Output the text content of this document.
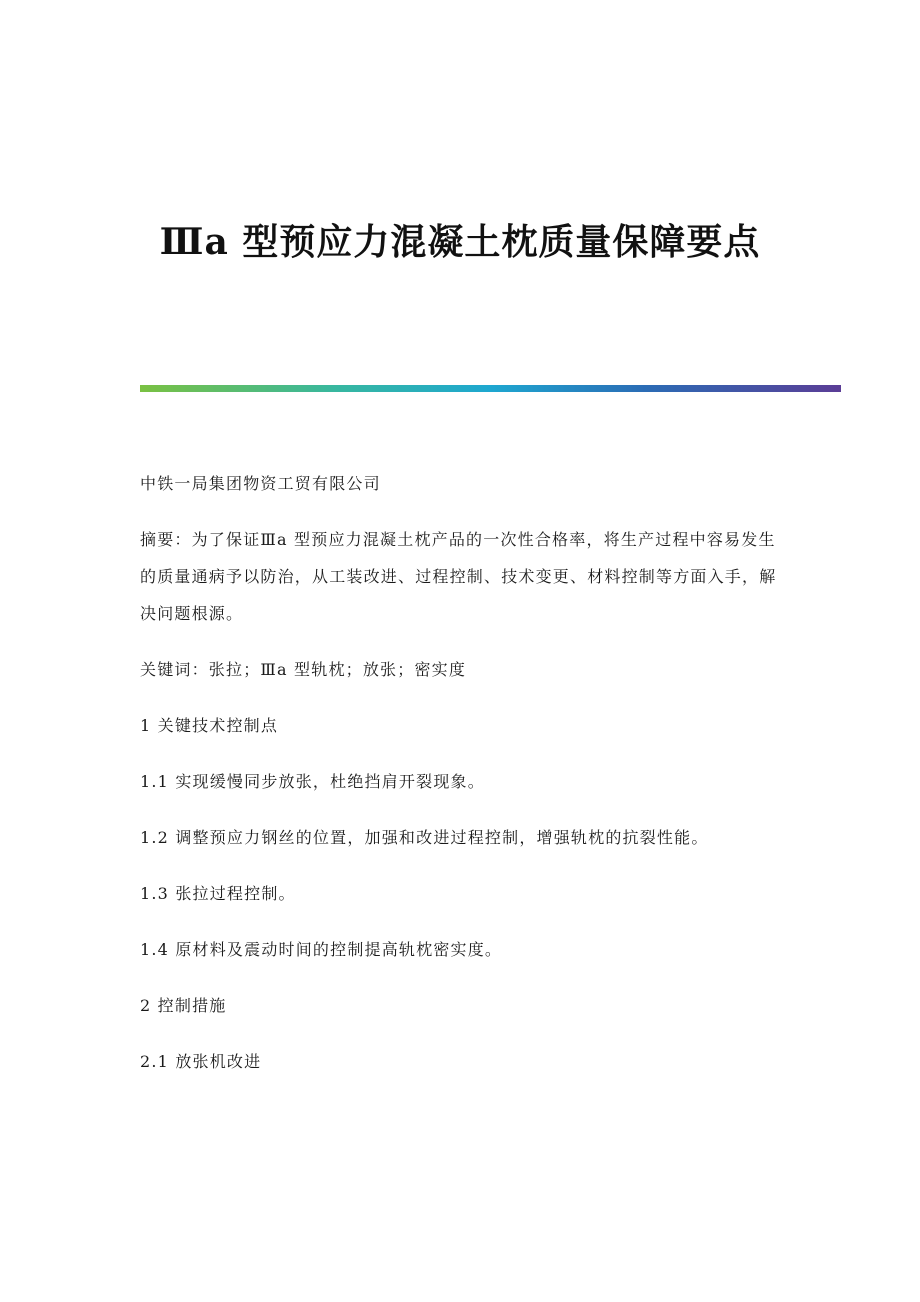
Ⅲa 型预应力混凝土枕质量保障要点

中铁一局集团物资工贸有限公司

摘要：为了保证Ⅲa 型预应力混凝土枕产品的一次性合格率，将生产过程中容易发生的质量通病予以防治，从工装改进、过程控制、技术变更、材料控制等方面入手，解决问题根源。

关键词：张拉；Ⅲa 型轨枕；放张；密实度

1 关键技术控制点

1.1 实现缓慢同步放张，杜绝挡肩开裂现象。

1.2 调整预应力钢丝的位置，加强和改进过程控制，增强轨枕的抗裂性能。

1.3 张拉过程控制。

1.4 原材料及震动时间的控制提高轨枕密实度。

2 控制措施

2.1 放张机改进
